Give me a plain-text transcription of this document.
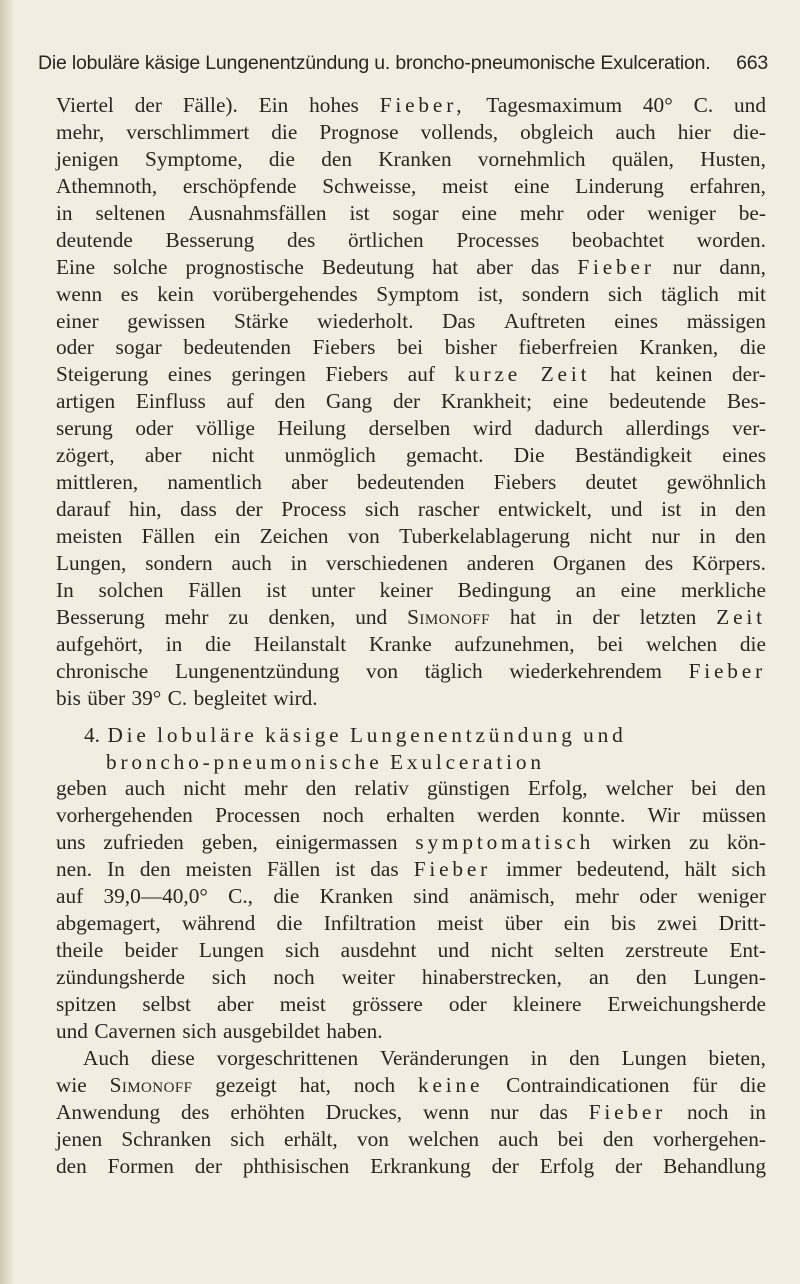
Die lobuläre käsige Lungenentzündung u. broncho-pneumonische Exulceration. 663
Viertel der Fälle). Ein hohes Fieber, Tagesmaximum 40° C. und
mehr, verschlimmert die Prognose vollends, obgleich auch hier die-
jenigen Symptome, die den Kranken vornehmlich quälen, Husten,
Athemnoth, erschöpfende Schweisse, meist eine Linderung erfahren,
in seltenen Ausnahmsfällen ist sogar eine mehr oder weniger be-
deutende Besserung des örtlichen Processes beobachtet worden.
Eine solche prognostische Bedeutung hat aber das Fieber nur dann,
wenn es kein vorübergehendes Symptom ist, sondern sich täglich mit
einer gewissen Stärke wiederholt. Das Auftreten eines mässigen
oder sogar bedeutenden Fiebers bei bisher fieberfreien Kranken, die
Steigerung eines geringen Fiebers auf kurze Zeit hat keinen der-
artigen Einfluss auf den Gang der Krankheit; eine bedeutende Bes-
serung oder völlige Heilung derselben wird dadurch allerdings ver-
zögert, aber nicht unmöglich gemacht. Die Beständigkeit eines
mittleren, namentlich aber bedeutenden Fiebers deutet gewöhnlich
darauf hin, dass der Process sich rascher entwickelt, und ist in den
meisten Fällen ein Zeichen von Tuberkelablagerung nicht nur in den
Lungen, sondern auch in verschiedenen anderen Organen des Körpers.
In solchen Fällen ist unter keiner Bedingung an eine merkliche
Besserung mehr zu denken, und Simonoff hat in der letzten Zeit
aufgehört, in die Heilanstalt Kranke aufzunehmen, bei welchen die
chronische Lungenentzündung von täglich wiederkehrendem Fieber
bis über 39° C. begleitet wird.
4. Die lobuläre käsige Lungenentzündung und
broncho-pneumonische Exulceration
geben auch nicht mehr den relativ günstigen Erfolg, welcher bei den
vorhergehenden Processen noch erhalten werden konnte. Wir müssen
uns zufrieden geben, einigermassen symptomatisch wirken zu kön-
nen. In den meisten Fällen ist das Fieber immer bedeutend, hält sich
auf 39,0—40,0° C., die Kranken sind anämisch, mehr oder weniger
abgemagert, während die Infiltration meist über ein bis zwei Dritt-
theile beider Lungen sich ausdehnt und nicht selten zerstreute Ent-
zündungsherde sich noch weiter hinaberstrecken, an den Lungen-
spitzen selbst aber meist grössere oder kleinere Erweichungsherde
und Cavernen sich ausgebildet haben.
Auch diese vorgeschrittenen Veränderungen in den Lungen bieten,
wie Simonoff gezeigt hat, noch keine Contraindicationen für die
Anwendung des erhöhten Druckes, wenn nur das Fieber noch in
jenen Schranken sich erhält, von welchen auch bei den vorhergehen-
den Formen der phthisischen Erkrankung der Erfolg der Behandlung
